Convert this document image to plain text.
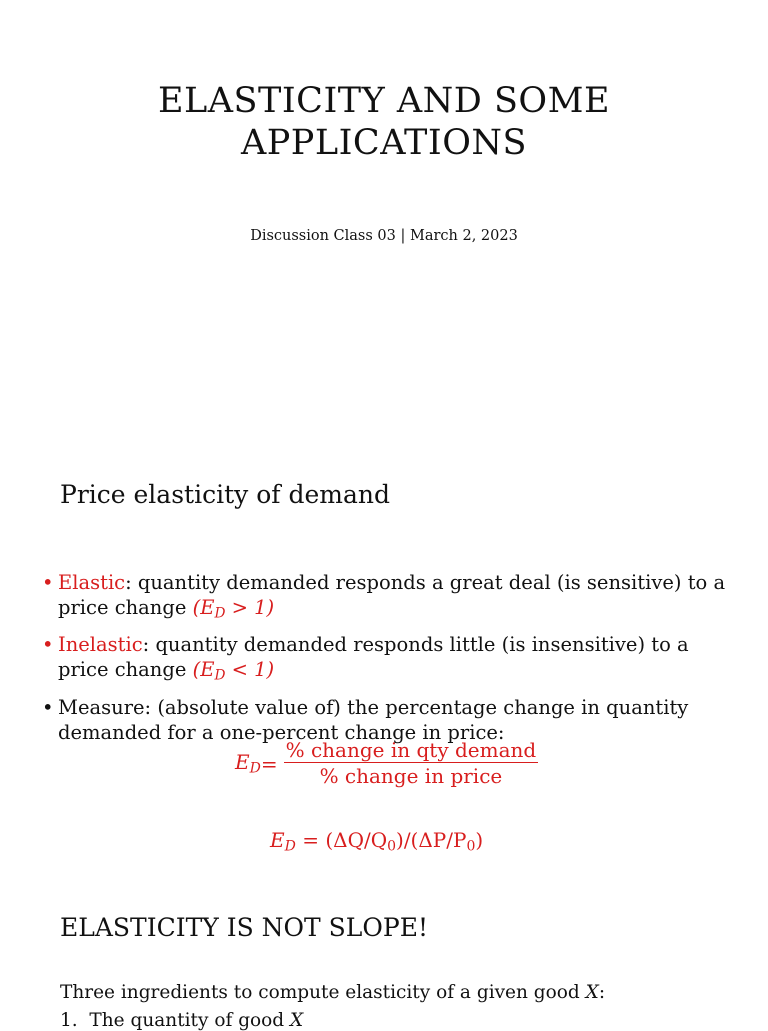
ELASTICITY AND SOME
APPLICATIONS
Discussion Class 03 | March 2, 2023
Price elasticity of demand
• Elastic: quantity demanded responds a great deal (is sensitive) to a
price change $(E_D > 1)$
• Inelastic: quantity demanded responds little (is insensitive) to a
price change $(E_D < 1)$
• Measure: (absolute value of) the percentage change in quantity
demanded for a one-percent change in price:
$E_D = \frac{\text{\% change in qty demand}}{\text{\% change in price}}$
$E_D = (\Delta Q/Q_0)/(\Delta P/P_0)$
ELASTICITY IS NOT SLOPE!
Three ingredients to compute elasticity of a given good X:
1. The quantity of good X
